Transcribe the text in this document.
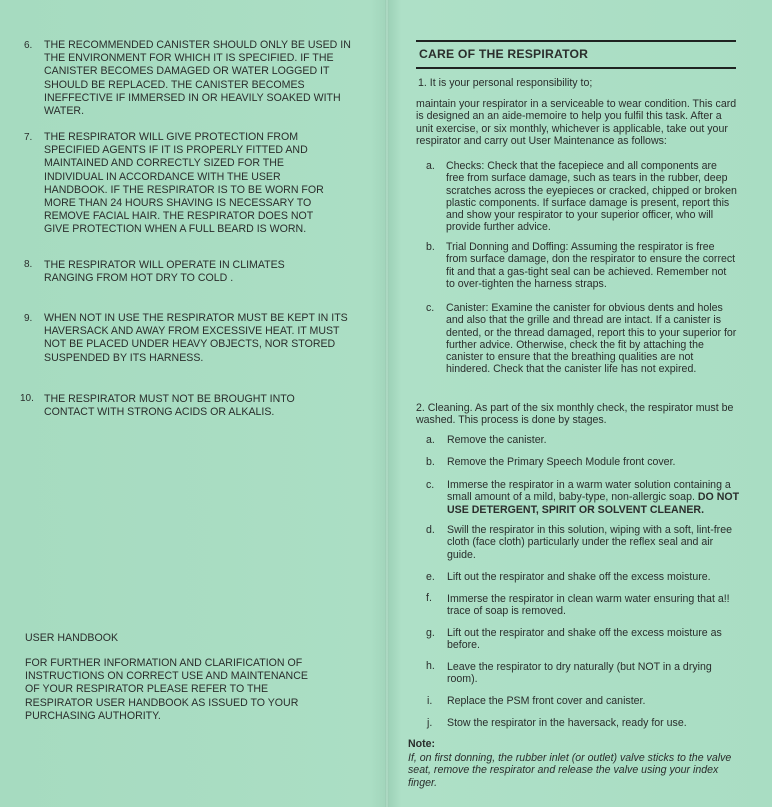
6. THE RECOMMENDED CANISTER SHOULD ONLY BE USED IN THE ENVIRONMENT FOR WHICH IT IS SPECIFIED. IF THE CANISTER BECOMES DAMAGED OR WATER LOGGED IT SHOULD BE REPLACED. THE CANISTER BECOMES INEFFECTIVE IF IMMERSED IN OR HEAVILY SOAKED WITH WATER.
7. THE RESPIRATOR WILL GIVE PROTECTION FROM SPECIFIED AGENTS IF IT IS PROPERLY FITTED AND MAINTAINED AND CORRECTLY SIZED FOR THE INDIVIDUAL IN ACCORDANCE WITH THE USER HANDBOOK. IF THE RESPIRATOR IS TO BE WORN FOR MORE THAN 24 HOURS SHAVING IS NECESSARY TO REMOVE FACIAL HAIR. THE RESPIRATOR DOES NOT GIVE PROTECTION WHEN A FULL BEARD IS WORN.
8. THE RESPIRATOR WILL OPERATE IN CLIMATES RANGING FROM HOT DRY TO COLD .
9. WHEN NOT IN USE THE RESPIRATOR MUST BE KEPT IN ITS HAVERSACK AND AWAY FROM EXCESSIVE HEAT. IT MUST NOT BE PLACED UNDER HEAVY OBJECTS, NOR STORED SUSPENDED BY ITS HARNESS.
10. THE RESPIRATOR MUST NOT BE BROUGHT INTO CONTACT WITH STRONG ACIDS OR ALKALIS.
USER HANDBOOK
FOR FURTHER INFORMATION AND CLARIFICATION OF INSTRUCTIONS ON CORRECT USE AND MAINTENANCE OF YOUR RESPIRATOR PLEASE REFER TO THE RESPIRATOR USER HANDBOOK AS ISSUED TO YOUR PURCHASING AUTHORITY.
CARE OF THE RESPIRATOR
1. It is your personal responsibility to;
maintain your respirator in a serviceable to wear condition. This card is designed an an aide-memoire to help you fulfil this task. After a unit exercise, or six monthly, whichever is applicable, take out your respirator and carry out User Maintenance as follows:
a. Checks: Check that the facepiece and all components are free from surface damage, such as tears in the rubber, deep scratches across the eyepieces or cracked, chipped or broken plastic components. If surface damage is present, report this and show your respirator to your superior officer, who will provide further advice.
b. Trial Donning and Doffing: Assuming the respirator is free from surface damage, don the respirator to ensure the correct fit and that a gas-tight seal can be achieved. Remember not to over-tighten the harness straps.
c. Canister: Examine the canister for obvious dents and holes and also that the grille and thread are intact. If a canister is dented, or the thread damaged, report this to your superior for further advice. Otherwise, check the fit by attaching the canister to ensure that the breathing qualities are not hindered. Check that the canister life has not expired.
2. Cleaning. As part of the six monthly check, the respirator must be washed. This process is done by stages.
a. Remove the canister.
b. Remove the Primary Speech Module front cover.
c. Immerse the respirator in a warm water solution containing a small amount of a mild, baby-type, non-allergic soap. DO NOT USE DETERGENT, SPIRIT OR SOLVENT CLEANER.
d. Swill the respirator in this solution, wiping with a soft, lint-free cloth (face cloth) particularly under the reflex seal and air guide.
e. Lift out the respirator and shake off the excess moisture.
f. Immerse the respirator in clean warm water ensuring that a!! trace of soap is removed.
g. Lift out the respirator and shake off the excess moisture as before.
h. Leave the respirator to dry naturally (but NOT in a drying room).
i. Replace the PSM front cover and canister.
j. Stow the respirator in the haversack, ready for use.
Note:
If, on first donning, the rubber inlet (or outlet) valve sticks to the valve seat, remove the respirator and release the valve using your index finger.
